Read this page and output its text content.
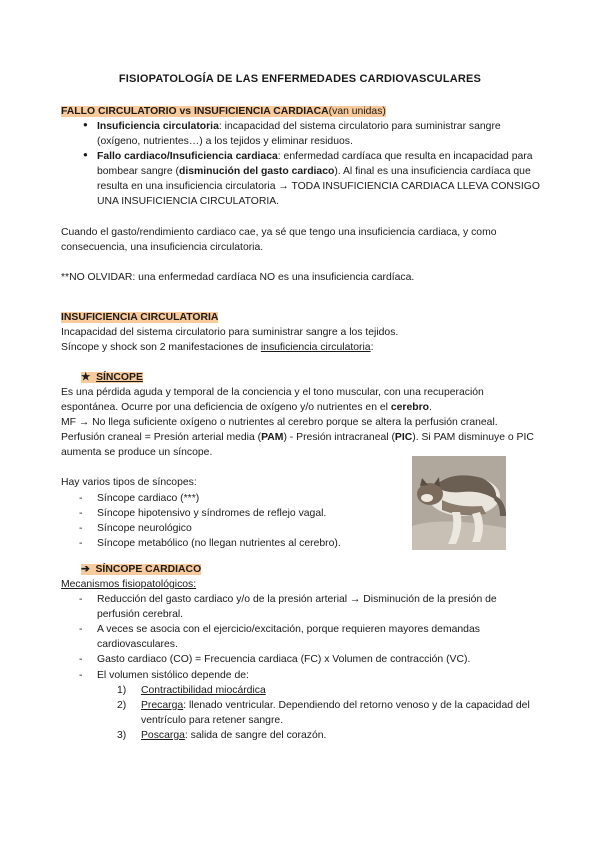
FISIOPATOLOGÍA DE LAS ENFERMEDADES CARDIOVASCULARES
FALLO CIRCULATORIO vs INSUFICIENCIA CARDIACA(van unidas)
● Insuficiencia circulatoria: incapacidad del sistema circulatorio para suministrar sangre (oxígeno, nutrientes…) a los tejidos y eliminar residuos.
● Fallo cardiaco/Insuficiencia cardiaca: enfermedad cardíaca que resulta en incapacidad para bombear sangre (disminución del gasto cardiaco). Al final es una insuficiencia cardíaca que resulta en una insuficiencia circulatoria → TODA INSUFICIENCIA CARDIACA LLEVA CONSIGO UNA INSUFICIENCIA CIRCULATORIA.
Cuando el gasto/rendimiento cardiaco cae, ya sé que tengo una insuficiencia cardiaca, y como consecuencia, una insuficiencia circulatoria.
**NO OLVIDAR: una enfermedad cardíaca NO es una insuficiencia cardíaca.
INSUFICIENCIA CIRCULATORIA
Incapacidad del sistema circulatorio para suministrar sangre a los tejidos.
Síncope y shock son 2 manifestaciones de insuficiencia circulatoria:
★ SÍNCOPE
Es una pérdida aguda y temporal de la conciencia y el tono muscular, con una recuperación espontánea. Ocurre por una deficiencia de oxígeno y/o nutrientes en el cerebro.
MF → No llega suficiente oxígeno o nutrientes al cerebro porque se altera la perfusión craneal.
Perfusión craneal = Presión arterial media (PAM) - Presión intracraneal (PIC). Si PAM disminuye o PIC aumenta se produce un síncope.
Hay varios tipos de síncopes:
- Síncope cardiaco (***)
- Síncope hipotensivo y síndromes de reflejo vagal.
- Síncope neurológico
- Síncope metabólico (no llegan nutrientes al cerebro).
➔ SÍNCOPE CARDIACO
Mecanismos fisiopatológicos:
- Reducción del gasto cardiaco y/o de la presión arterial → Disminución de la presión de perfusión cerebral.
- A veces se asocia con el ejercicio/excitación, porque requieren mayores demandas cardiovasculares.
- Gasto cardiaco (CO) = Frecuencia cardiaca (FC) x Volumen de contracción (VC).
- El volumen sistólico depende de:
1) Contractibilidad miocárdica
2) Precarga: llenado ventricular. Dependiendo del retorno venoso y de la capacidad del ventrículo para retener sangre.
3) Poscarga: salida de sangre del corazón.
